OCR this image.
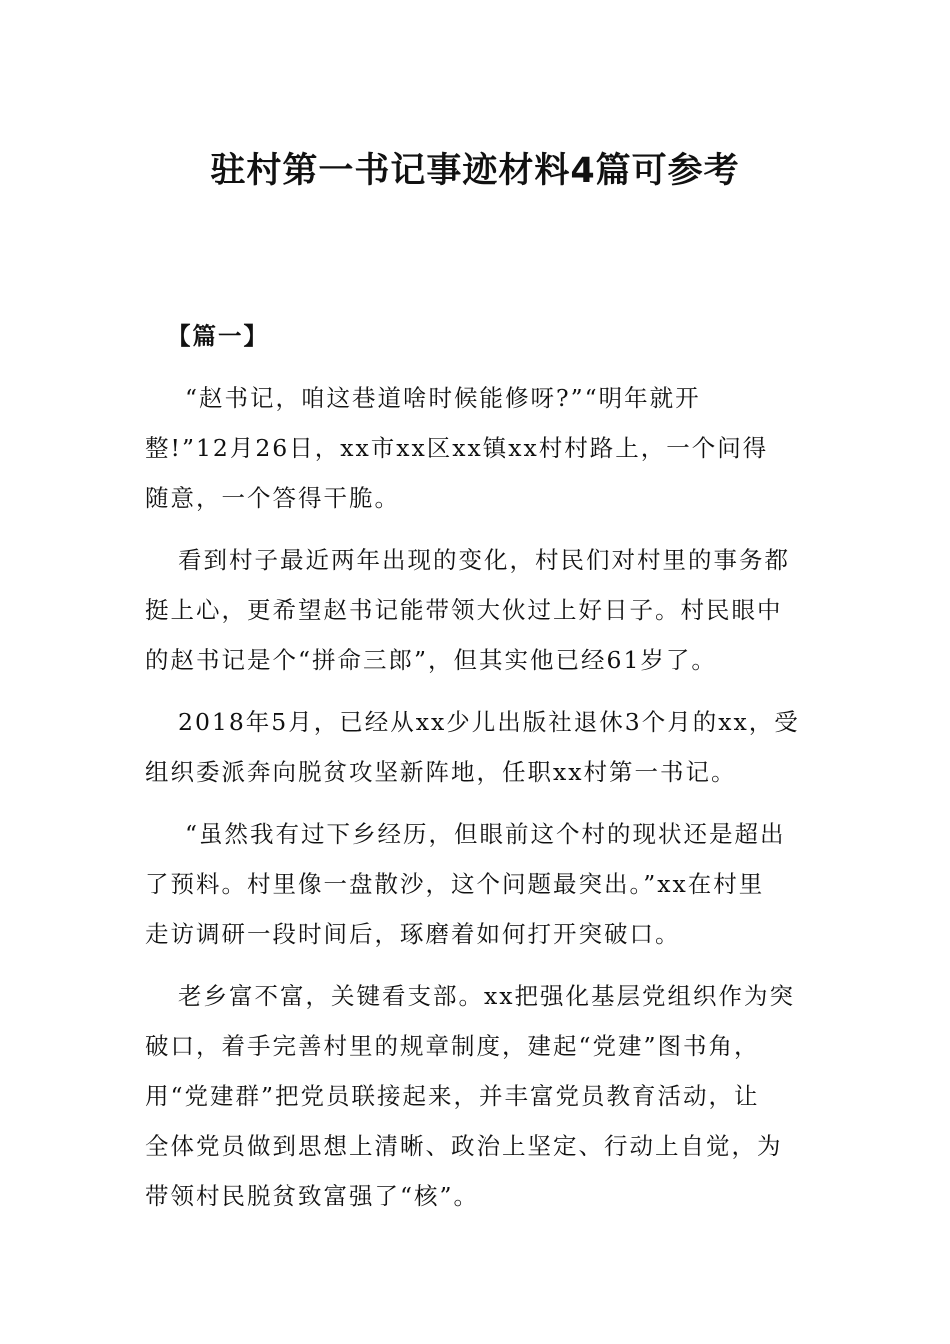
驻村第一书记事迹材料4篇可参考
【篇一】
“赵书记，咱这巷道啥时候能修呀?”“明年就开
整!”12月26日，xx市xx区xx镇xx村村路上，一个问得
随意，一个答得干脆。
看到村子最近两年出现的变化，村民们对村里的事务都
挺上心，更希望赵书记能带领大伙过上好日子。村民眼中
的赵书记是个“拼命三郎”，但其实他已经61岁了。
2018年5月，已经从xx少儿出版社退休3个月的xx，受
组织委派奔向脱贫攻坚新阵地，任职xx村第一书记。
“虽然我有过下乡经历，但眼前这个村的现状还是超出
了预料。村里像一盘散沙，这个问题最突出。”xx在村里
走访调研一段时间后，琢磨着如何打开突破口。
老乡富不富，关键看支部。xx把强化基层党组织作为突
破口，着手完善村里的规章制度，建起“党建”图书角，
用“党建群”把党员联接起来，并丰富党员教育活动，让
全体党员做到思想上清晰、政治上坚定、行动上自觉，为
带领村民脱贫致富强了“核”。
